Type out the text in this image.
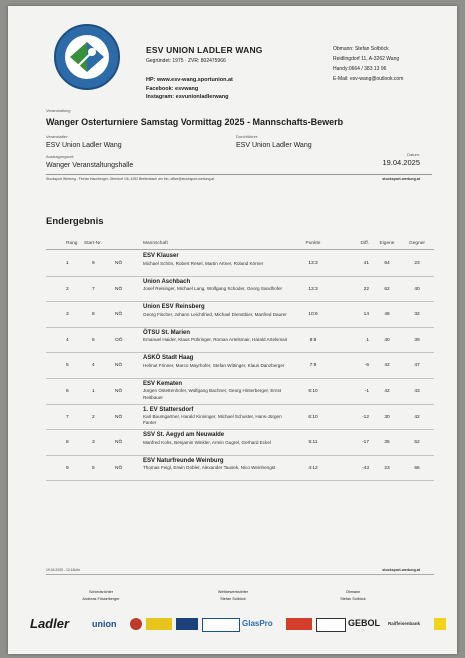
ESV UNION LADLER WANG
Gegründet: 1975 · ZVR: 802475966
HP: www.esv-wang.sportunion.at
Facebook: esvwang
Instagram: esvunionladlerwang
Obmann: Stefan Solböck
Reidlingdorf 11, A-3262 Wang
Handy:0664 / 383 13 96
E-Mail: esv-wang@outlook.com
Veranstaltung
Wanger Osterturniere Samstag Vormittag 2025 - Mannschafts-Bewerb
Veranstalter:
ESV Union Ladler Wang
Durchführer:
ESV Union Ladler Wang
Austragungsort:
Wanger Veranstaltungshalle
Datum:
19.04.2025
Stocksport Wertung - Florian Haunberger, Oberdorf 1/6, 4252 Breitenbach am Inn, office@stocksport-wertung.at	stocksport-wertung.at
Endergebnis
Rang Start-Nr.	Mannschaft	Punkte	Diff.	Eigene	Gegner
1	9	NÖ
ESV Klauser
Michael Schön, Robert Resel, Martin Artner, Roland Körner	13:3	41	64	23
2	7	NÖ
Union Aschbach
Josef Reisinger, Michael Lang, Wolfgang Schoder, Georg Sandhofer	13:3	22	62	40
3	8	NÖ
Union ESV Reinsberg
Georg Fischer, Johann Leichtfried, Michael Dienstbier, Manfred Daurer	10:6	14	46	32
4	6	OÖ
ÖTSU St. Marien
Emanuel Haider, Klaus Pühringer, Roman Artelsmair, Harald Artelsmair	8:8	1	40	39
5	4	NÖ
ASKÖ Stadt Haag
Helmut Frinner, Marco Mayrhofer, Stefan Wittinger, Klaus Danzberger	7:9	-5	42	47
6	1	NÖ
ESV Kematen
Jürgen Ostettenhofer, Wolfgang Bachner, Georg Hinterberger, Ernst Reitbauer
6:10	-1	42	43
7	2	NÖ
1. EV Stattersdorf
Karl Baumgartner, Harald Kinninger, Michael Schuster, Hans-Jürgen Fanter
6:10	-12	30	42
8	3	NÖ
SSV St. Aegyd am Neuwalde
Manfred Kohs, Benjamin Winkler, Armin Gugrel, Gerhard Eckel	5:11	-17	35	52
9	5	NÖ
ESV Naturfreunde Weinburg
Thomas Feigl, Erwin Dobler, Alexander Tausek, Nico Weinhengst	4:12	-43	23	66
19.04.2025 - 12:16Uhr	stocksport-wertung.at
Schiedsrichter
Andreas Füsselberger
Wettbewerbsleiter
Stefan Solböck
Obmann
Stefan Solböck
Ladler	union	GlasPro	GEBOL Raiffeisenbank
